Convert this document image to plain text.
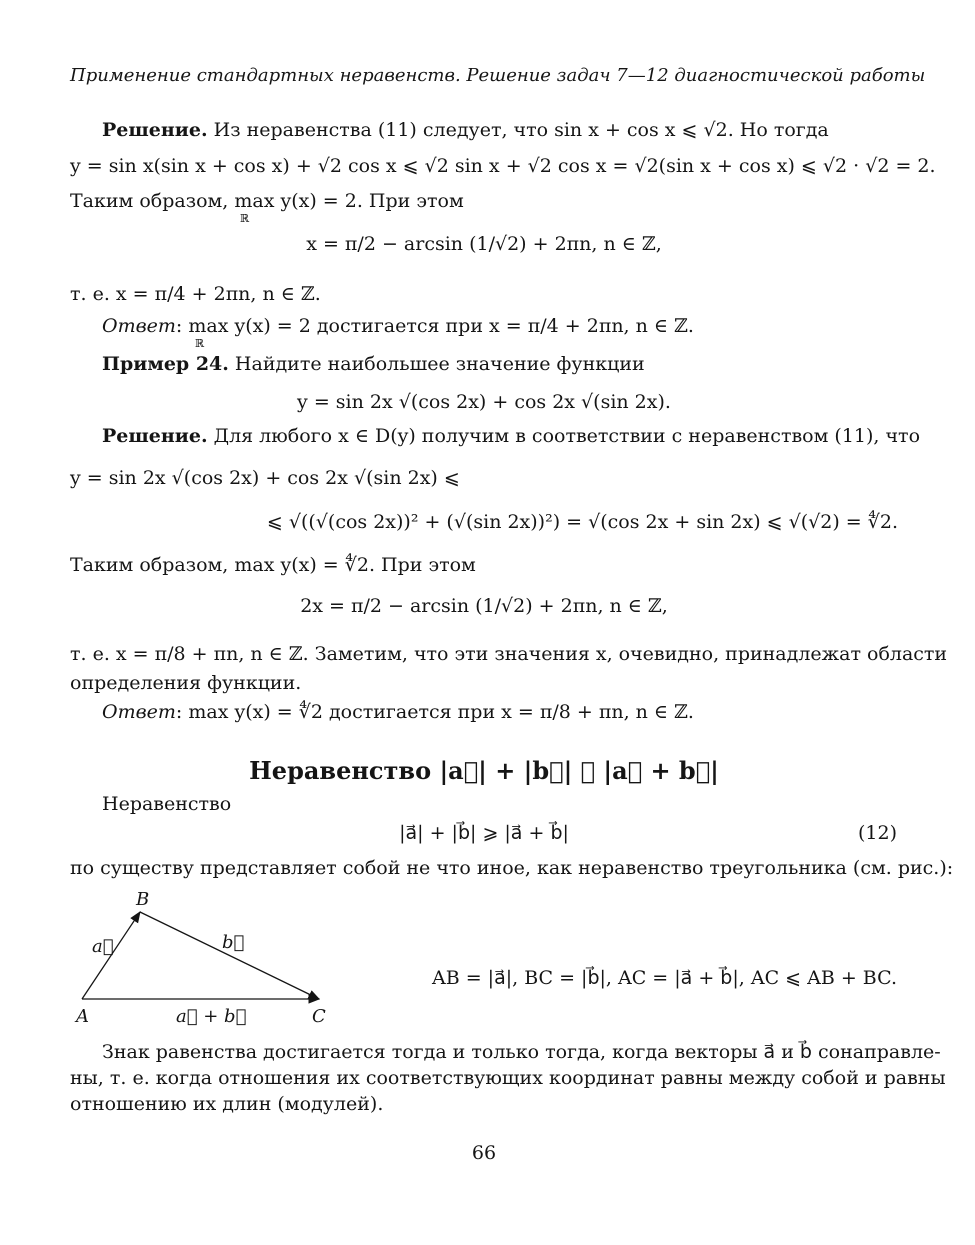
Применение стандартных неравенств. Решение задач 7—12 диагностической работы
Решение. Из неравенства (11) следует, что sin x + cos x ⩽ √2. Но тогда
y = sin x(sin x + cos x) + √2 cos x ⩽ √2 sin x + √2 cos x = √2(sin x + cos x) ⩽ √2 · √2 = 2.
Таким образом, max y(x) = 2. При этом
ℝ
x = π/2 − arcsin (1/√2) + 2πn, n ∈ ℤ,
т. е. x = π/4 + 2πn, n ∈ ℤ.
Ответ: max y(x) = 2 достигается при x = π/4 + 2πn, n ∈ ℤ.
ℝ
Пример 24. Найдите наибольшее значение функции
y = sin 2x √(cos 2x) + cos 2x √(sin 2x).
Решение. Для любого x ∈ D(y) получим в соответствии с неравенством (11), что
y = sin 2x √(cos 2x) + cos 2x √(sin 2x) ⩽
⩽ √((√(cos 2x))² + (√(sin 2x))²) = √(cos 2x + sin 2x) ⩽ √(√2) = ∜2.
Таким образом, max y(x) = ∜2. При этом
2x = π/2 − arcsin (1/√2) + 2πn, n ∈ ℤ,
т. е. x = π/8 + πn, n ∈ ℤ. Заметим, что эти значения x, очевидно, принадлежат области
определения функции.
Ответ: max y(x) = ∜2 достигается при x = π/8 + πn, n ∈ ℤ.
Неравенство |a⃗| + |b⃗| ⩾ |a⃗ + b⃗|
Неравенство
|a⃗| + |b⃗| ⩾ |a⃗ + b⃗|	(12)
по существу представляет собой не что иное, как неравенство треугольника (см. рис.):
A
B
C
a⃗	b⃗
a⃗ + b⃗
AB = |a⃗|, BC = |b⃗|, AC = |a⃗ + b⃗|, AC ⩽ AB + BC.
Знак равенства достигается тогда и только тогда, когда векторы a⃗ и b⃗ сонаправле-
ны, т. е. когда отношения их соответствующих координат равны между собой и равны
отношению их длин (модулей).
66
